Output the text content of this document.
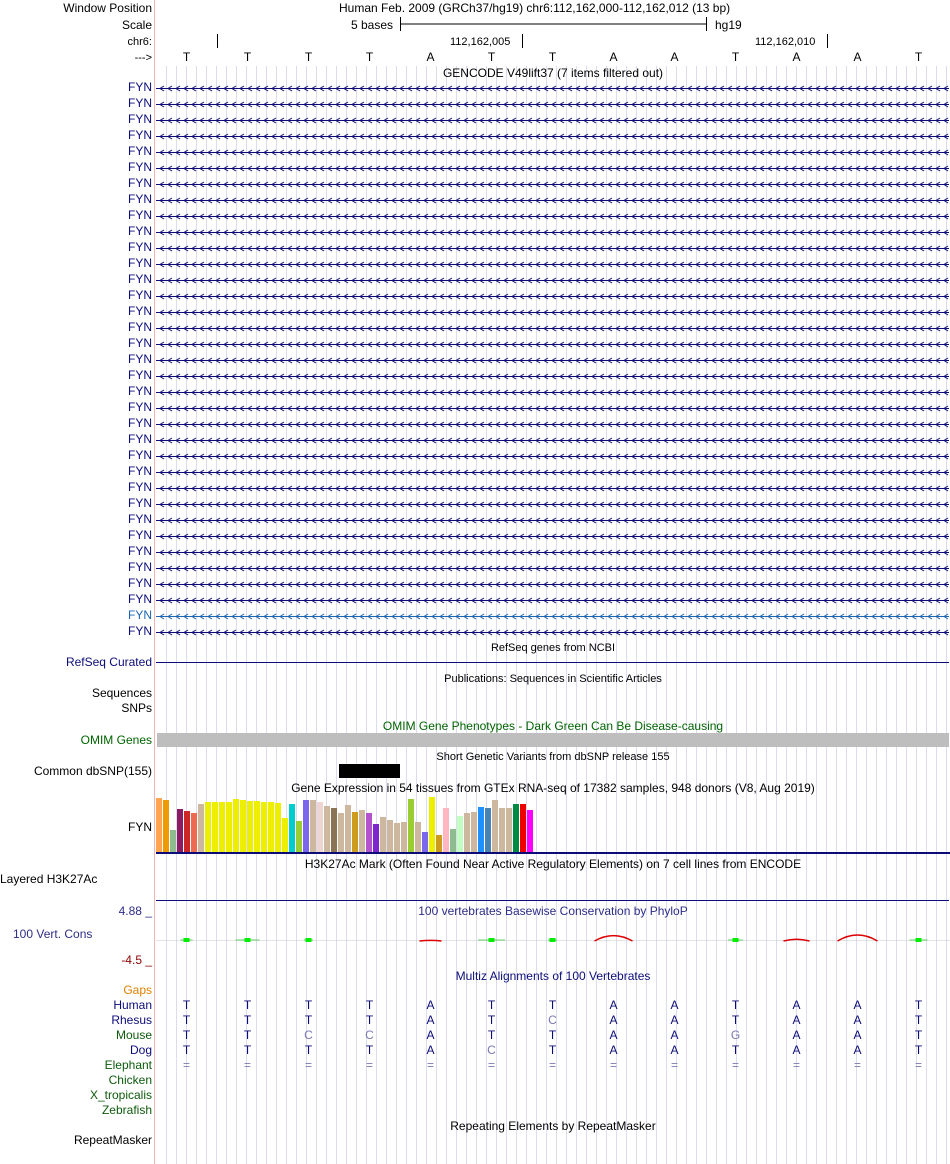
Window Position	Human Feb. 2009 (GRCh37/hg19) chr6:112,162,000-112,162,012 (13 bp)
Scale	5 bases	hg19
chr6:	112,162,005	112,162,010
--->	T	T	T	T	A	T	T	A	A	T	A	A	T
GENCODE V49lift37 (7 items filtered out)
FYN
FYN
FYN
FYN
FYN
FYN
FYN
FYN
FYN
FYN
FYN
FYN
FYN
FYN
FYN
FYN
FYN
FYN
FYN
FYN
FYN
FYN
FYN
FYN
FYN
FYN
FYN
FYN
FYN
FYN
FYN
FYN
FYN
FYN
FYN
RefSeq genes from NCBI
RefSeq Curated
Publications: Sequences in Scientific Articles
Sequences
SNPs
OMIM Gene Phenotypes - Dark Green Can Be Disease-causing
OMIM Genes
Short Genetic Variants from dbSNP release 155
Common dbSNP(155)
Gene Expression in 54 tissues from GTEx RNA-seq of 17382 samples, 948 donors (V8, Aug 2019)
FYN
H3K27Ac Mark (Often Found Near Active Regulatory Elements) on 7 cell lines from ENCODE
Layered H3K27Ac
100 vertebrates Basewise Conservation by PhyloP
4.88 _
100 Vert. Cons
-4.5 _
Multiz Alignments of 100 Vertebrates
Gaps
Human	T	T	T	T	A	T	T	A	A	T	A	A	T
Rhesus	T	T	T	T	A	T	C	A	A	T	A	A	T
Mouse	T	T	C	C	A	T	T	A	A	G	A	A	T
Dog	T	T	T	T	A	C	T	A	A	T	A	A	T
Elephant	=	=	=	=	=	=	=	=	=	=	=	=	=
Chicken
X_tropicalis
Zebrafish
Repeating Elements by RepeatMasker
RepeatMasker
